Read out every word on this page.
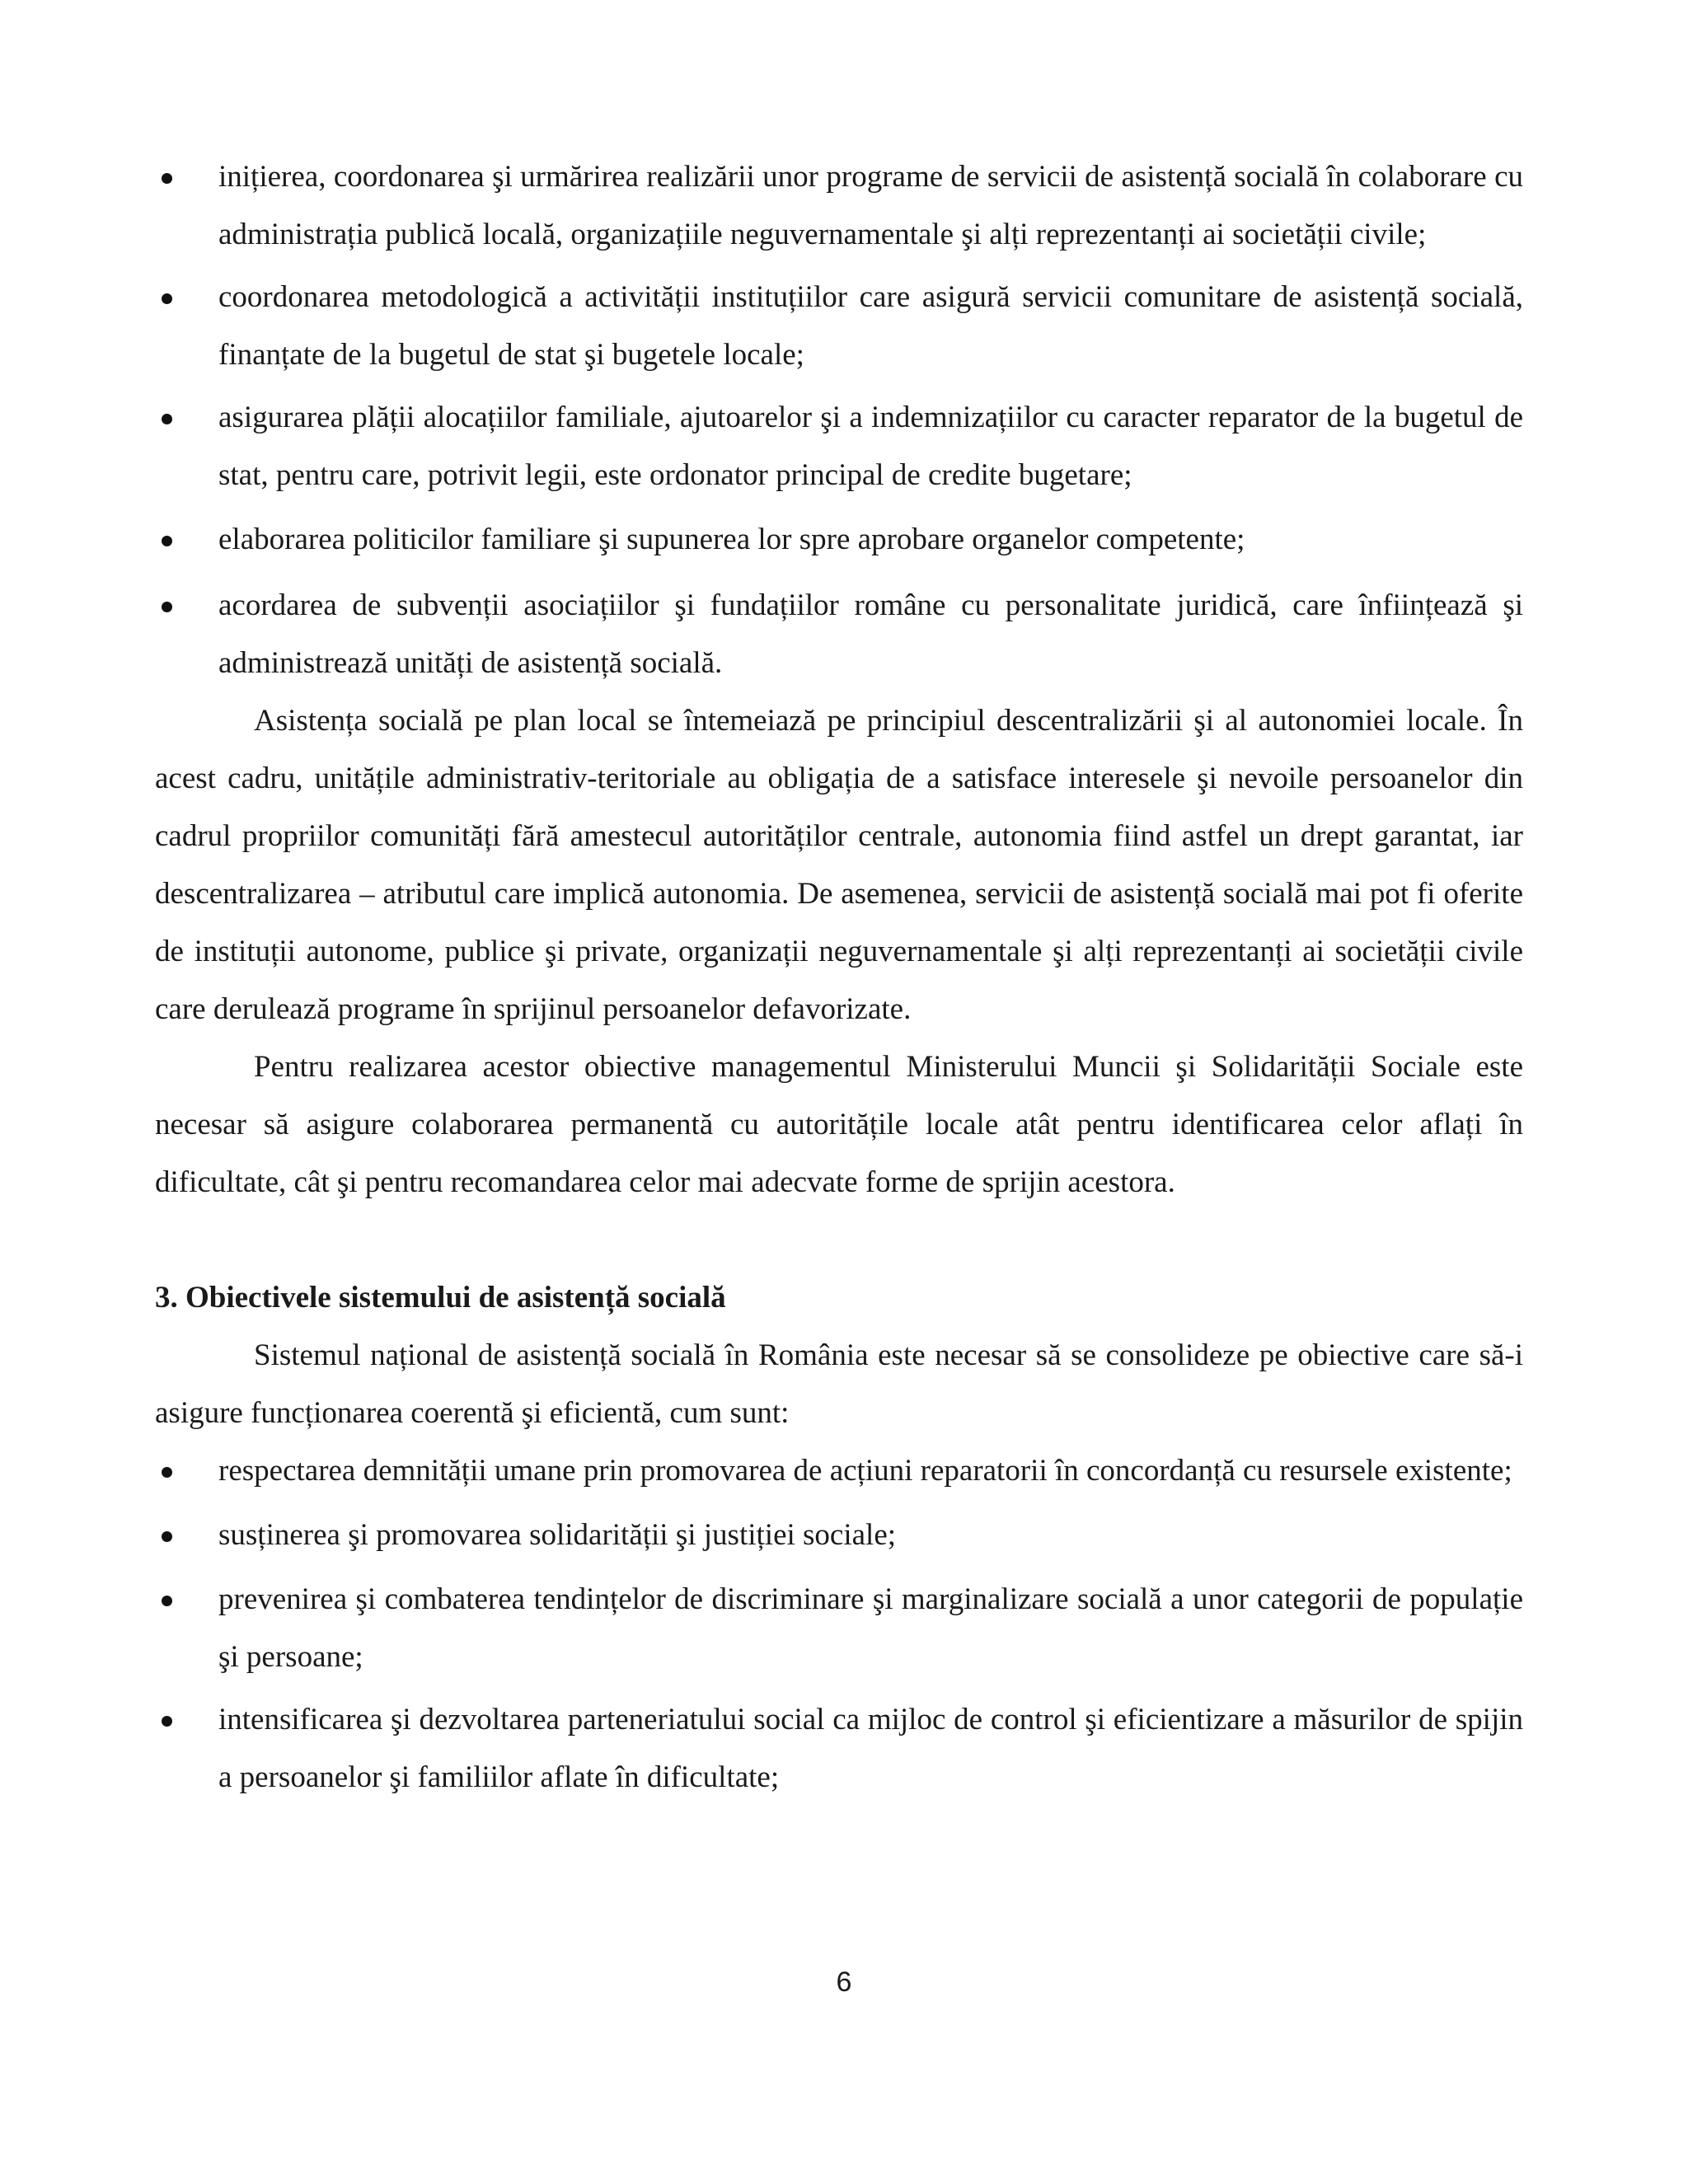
inițierea, coordonarea şi urmărirea realizării unor programe de servicii de asistență socială în colaborare cu administrația publică locală, organizațiile neguvernamentale şi alți reprezentanți ai societății civile;
coordonarea metodologică a activității instituțiilor care asigură servicii comunitare de asistență socială, finanțate de la bugetul de stat şi bugetele locale;
asigurarea plății alocațiilor familiale, ajutoarelor şi a indemnizațiilor cu caracter reparator de la bugetul de stat, pentru care, potrivit legii, este ordonator principal de credite bugetare;
elaborarea politicilor familiare şi supunerea lor spre aprobare organelor competente;
acordarea de subvenții asociațiilor şi fundațiilor române cu personalitate juridică, care înființează şi administrează unități de asistență socială.

Asistența socială pe plan local se întemeiază pe principiul descentralizării şi al autonomiei locale. În acest cadru, unitățile administrativ-teritoriale au obligația de a satisface interesele şi nevoile persoanelor din cadrul propriilor comunități fără amestecul autorităților centrale, autonomia fiind astfel un drept garantat, iar descentralizarea – atributul care implică autonomia. De asemenea, servicii de asistență socială mai pot fi oferite de instituții autonome, publice şi private, organizații neguvernamentale şi alți reprezentanți ai societății civile care derulează programe în sprijinul persoanelor defavorizate.

Pentru realizarea acestor obiective managementul Ministerului Muncii şi Solidarității Sociale este necesar să asigure colaborarea permanentă cu autoritățile locale atât pentru identificarea celor aflați în dificultate, cât şi pentru recomandarea celor mai adecvate forme de sprijin acestora.

3. Obiectivele sistemului de asistență socială

Sistemul național de asistență socială în România este necesar să se consolideze pe obiective care să-i asigure funcționarea coerentă şi eficientă, cum sunt:

respectarea demnității umane prin promovarea de acțiuni reparatorii în concordanță cu resursele existente;
susținerea şi promovarea solidarității şi justiției sociale;
prevenirea şi combaterea tendințelor de discriminare şi marginalizare socială a unor categorii de populație şi persoane;
intensificarea şi dezvoltarea parteneriatului social ca mijloc de control şi eficientizare a măsurilor de spijin a persoanelor şi familiilor aflate în dificultate;
6
